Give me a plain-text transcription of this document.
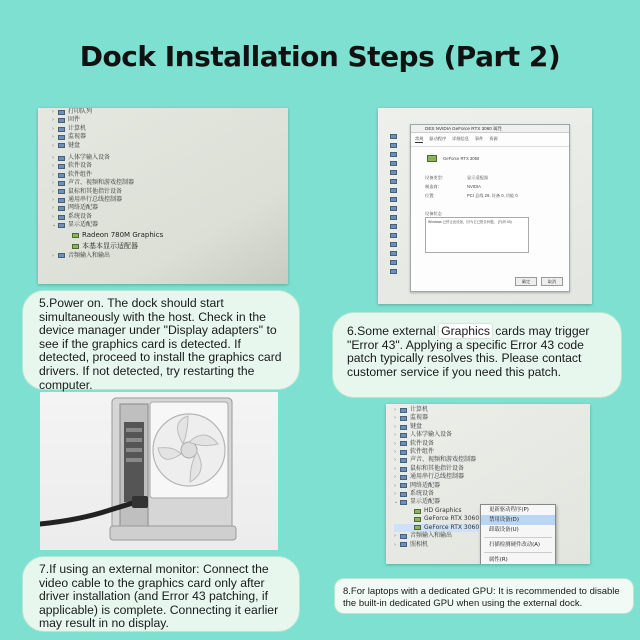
Dock Installation Steps (Part 2)
›	打印队列
›	固件
›	计算机
›	监视器
›	键盘
›	人体学输入设备
›	软件设备
›	软件组件
›	声音、视频和游戏控制器
›	鼠标和其他指针设备
›	通用串行总线控制器
›	网络适配器
›	系统设备
⌄ 显示适配器
Radeon 780M Graphics
本基本显示适配器
›	音频输入和输出
DES NVIDIA GeForce RTX 3060 属性
常规 驱动程序 详细信息 事件 资源
GeForce RTX 3060
设备类型:	显示适配器
制造商:	NVIDIA
位置:	PCI 总线 29, 设备 0, 功能 0
设备状态
Windows 已停止此设备，因为它已报告问题。 (代码 43)
确定	取消

5.Power on. The dock should start simultaneously with the host. Check in the device manager under "Display adapters" to see if the graphics card is detected. If detected, proceed to install the graphics card drivers. If not detected, try restarting the computer.

6.Some external Graphics cards may trigger "Error 43". Applying a specific Error 43 code patch typically resolves this. Please contact customer service if you need this patch.

›	计算机
›	监视器
›	键盘
›	人体学输入设备
›	软件设备
›	软件组件
›	声音、视频和游戏控制器
›	鼠标和其他指针设备
›	通用串行总线控制器
›	网络适配器
›	系统设备
⌄ 显示适配器
HD Graphics
GeForce RTX 3060
GeForce RTX 3060
›	音频输入和输出
›	照相机
更新驱动程序(P)
禁用设备(D)
卸载设备(U)
扫描检测硬件改动(A)
属性(R)

7.If using an external monitor: Connect the video cable to the graphics card only after driver installation (and Error 43 patching, if applicable) is complete. Connecting it earlier may result in no display.

8.For laptops with a dedicated GPU: It is recommended to disable the built-in dedicated GPU when using the external dock.
